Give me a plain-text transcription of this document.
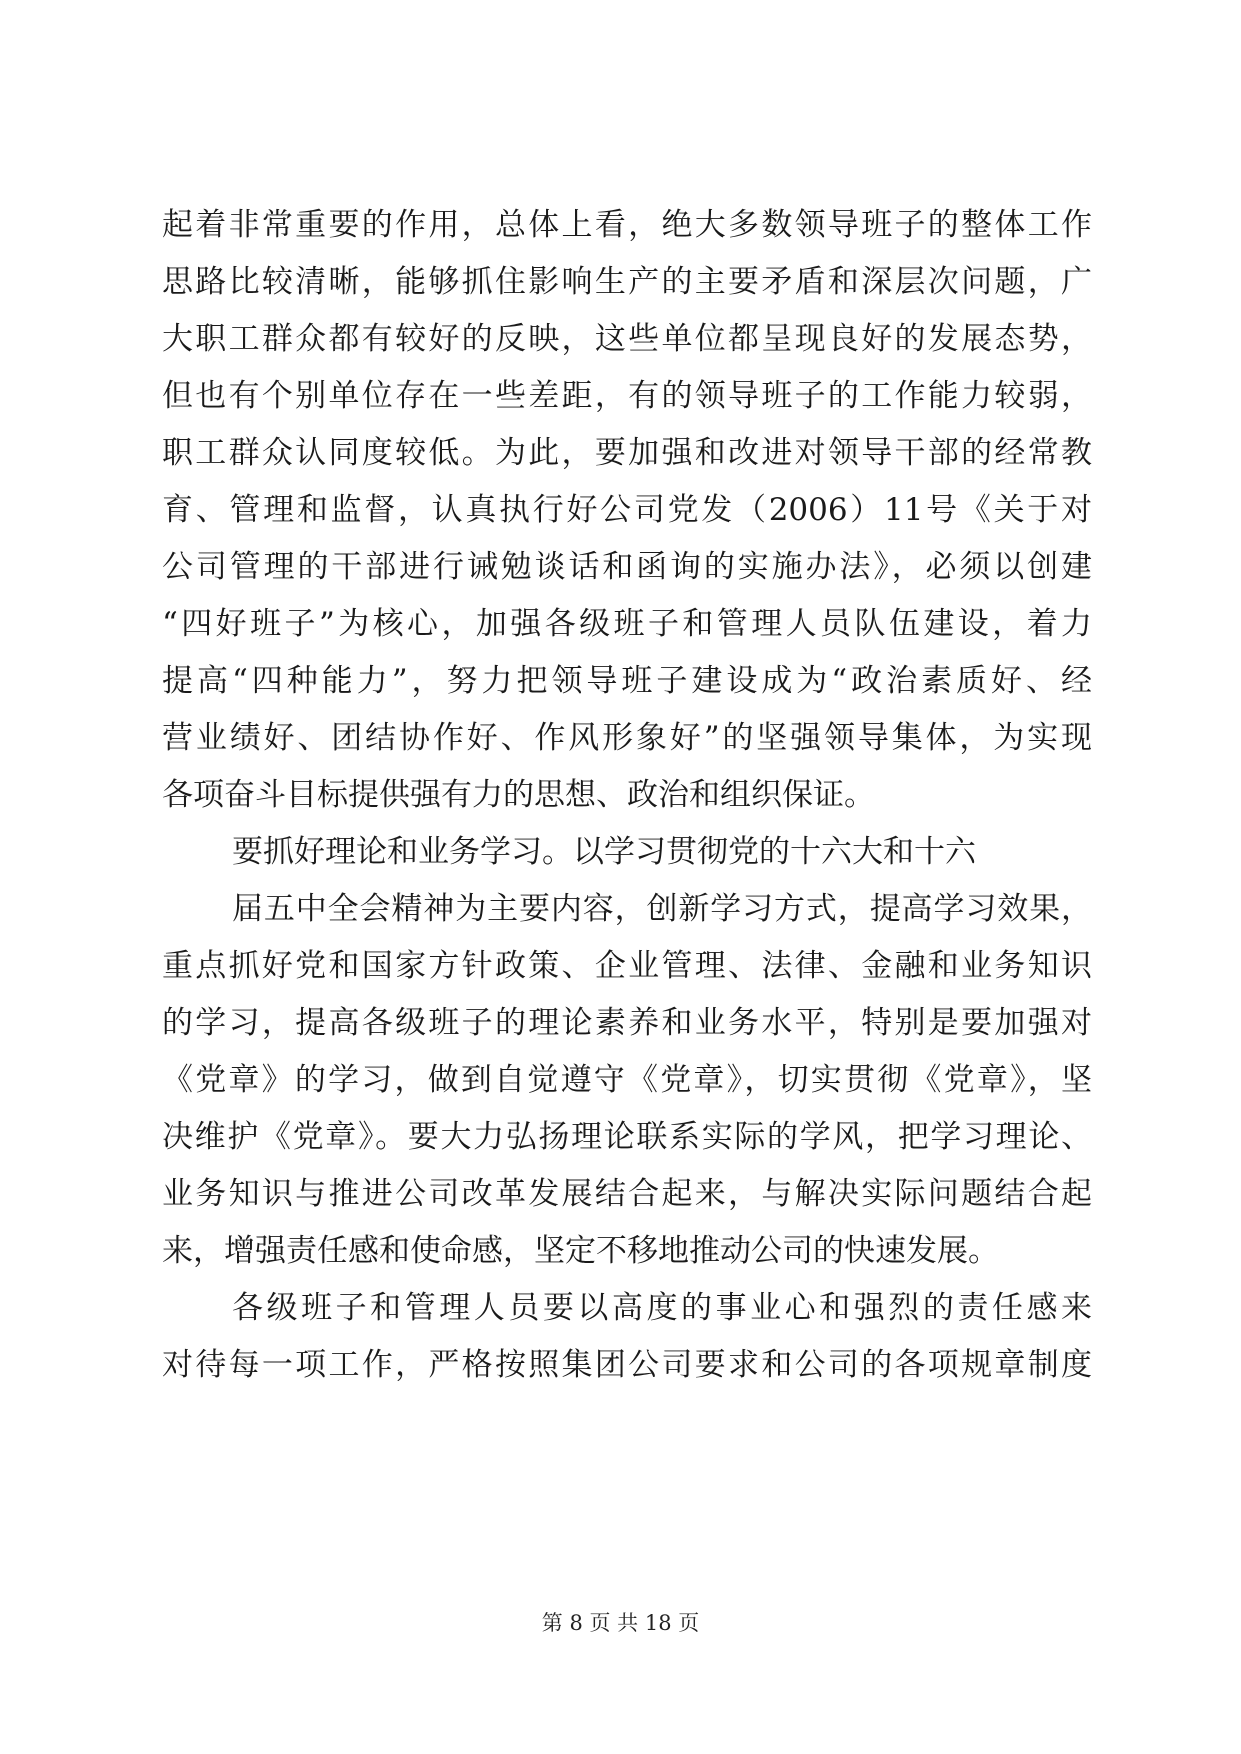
起着非常重要的作用，总体上看，绝大多数领导班子的整体工作
思路比较清晰，能够抓住影响生产的主要矛盾和深层次问题，广
大职工群众都有较好的反映，这些单位都呈现良好的发展态势，
但也有个别单位存在一些差距，有的领导班子的工作能力较弱，
职工群众认同度较低。为此，要加强和改进对领导干部的经常教
育、管理和监督，认真执行好公司党发（2006）11号《关于对
公司管理的干部进行诫勉谈话和函询的实施办法》，必须以创建
“四好班子”为核心，加强各级班子和管理人员队伍建设，着力
提高“四种能力”，努力把领导班子建设成为“政治素质好、经
营业绩好、团结协作好、作风形象好”的坚强领导集体，为实现
各项奋斗目标提供强有力的思想、政治和组织保证。
要抓好理论和业务学习。以学习贯彻党的十六大和十六
届五中全会精神为主要内容，创新学习方式，提高学习效果，
重点抓好党和国家方针政策、企业管理、法律、金融和业务知识
的学习，提高各级班子的理论素养和业务水平，特别是要加强对
《党章》的学习，做到自觉遵守《党章》，切实贯彻《党章》，坚
决维护《党章》。要大力弘扬理论联系实际的学风，把学习理论、
业务知识与推进公司改革发展结合起来，与解决实际问题结合起
来，增强责任感和使命感，坚定不移地推动公司的快速发展。
各级班子和管理人员要以高度的事业心和强烈的责任感来
对待每一项工作，严格按照集团公司要求和公司的各项规章制度
第 8 页 共 18 页
